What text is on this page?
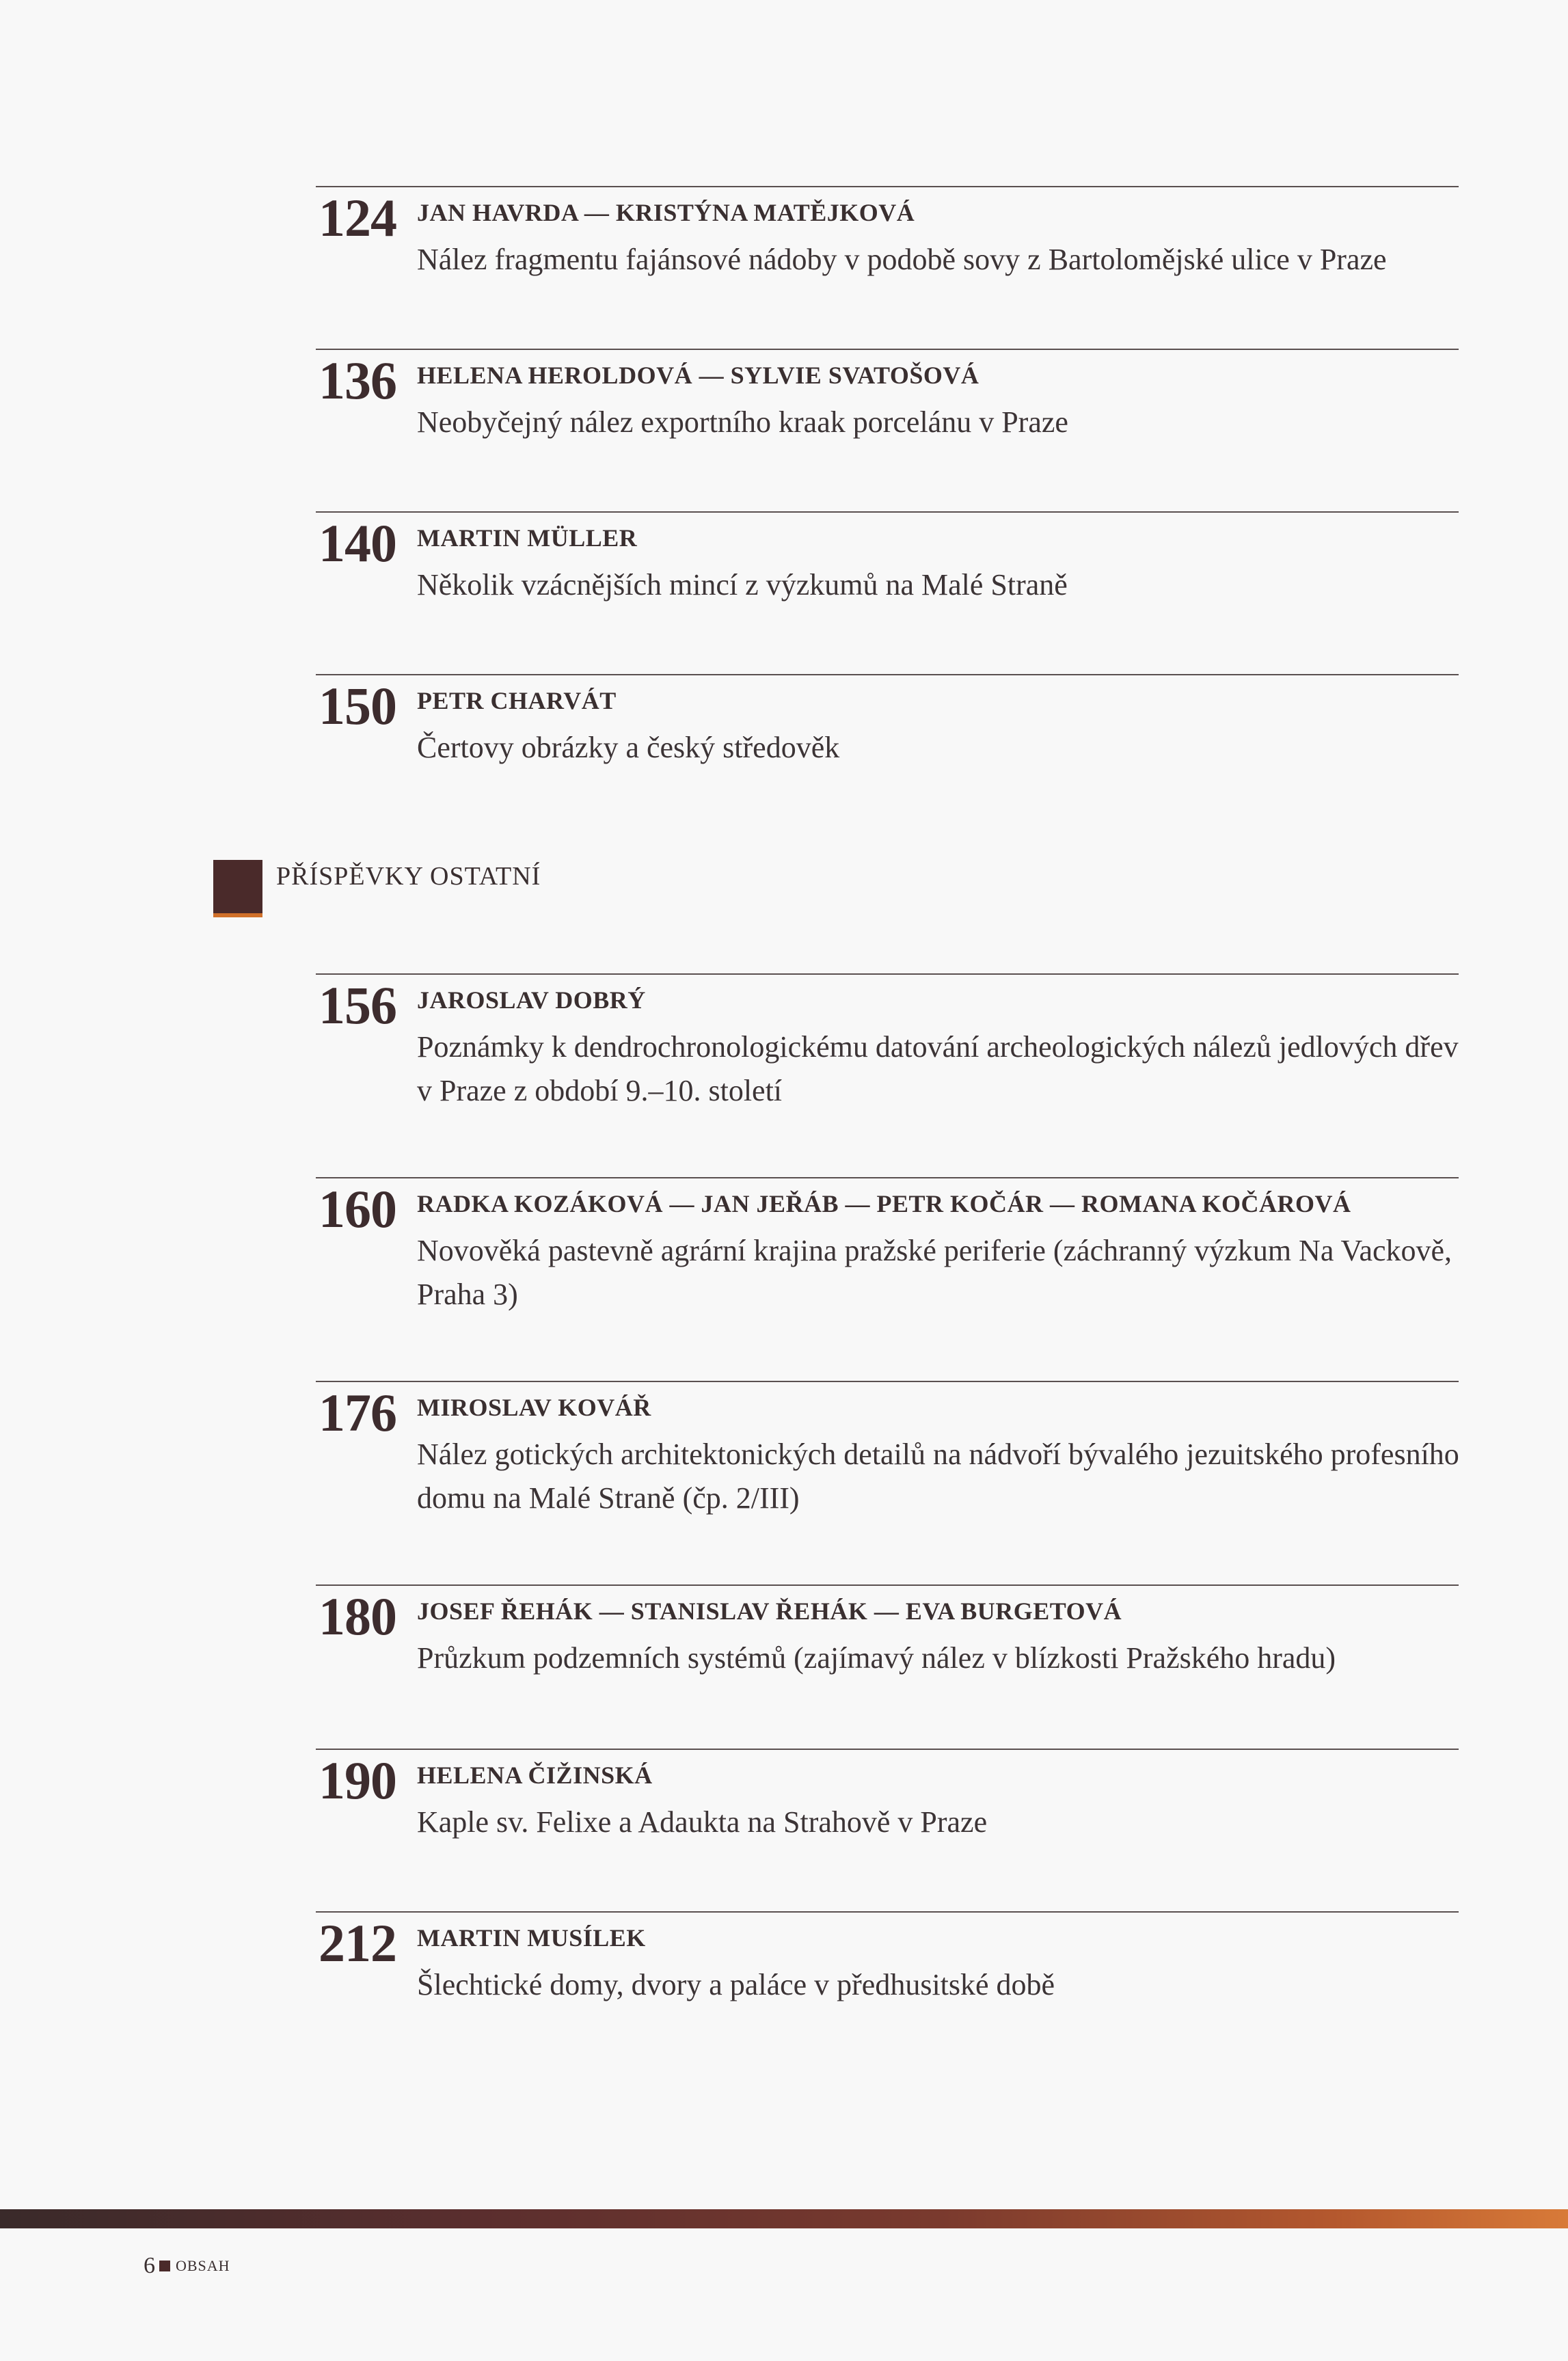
124 JAN HAVRDA — KRISTÝNA MATĚJKOVÁ
Nález fragmentu fajánsové nádoby v podobě sovy z Bartolomějské ulice v Praze
136 HELENA HEROLDOVÁ — SYLVIE SVATOŠOVÁ
Neobyčejný nález exportního kraak porcelánu v Praze
140 MARTIN MÜLLER
Několik vzácnějších mincí z výzkumů na Malé Straně
150 PETR CHARVÁT
Čertovy obrázky a český středověk
PŘÍSPĚVKY OSTATNÍ
156 JAROSLAV DOBRÝ
Poznámky k dendrochronologickému datování archeologických nálezů jedlových dřev v Praze z období 9.–10. století
160 RADKA KOZÁKOVÁ — JAN JEŘÁB — PETR KOČÁR — ROMANA KOČÁROVÁ
Novověká pastevně agrární krajina pražské periferie (záchranný výzkum Na Vackově, Praha 3)
176 MIROSLAV KOVÁŘ
Nález gotických architektonických detailů na nádvoří bývalého jezuitského profesního domu na Malé Straně (čp. 2/III)
180 JOSEF ŘEHÁK — STANISLAV ŘEHÁK — EVA BURGETOVÁ
Průzkum podzemních systémů (zajímavý nález v blízkosti Pražského hradu)
190 HELENA ČIŽINSKÁ
Kaple sv. Felixe a Adaukta na Strahově v Praze
212 MARTIN MUSÍLEK
Šlechtické domy, dvory a paláce v předhusitské době
6 OBSAH
